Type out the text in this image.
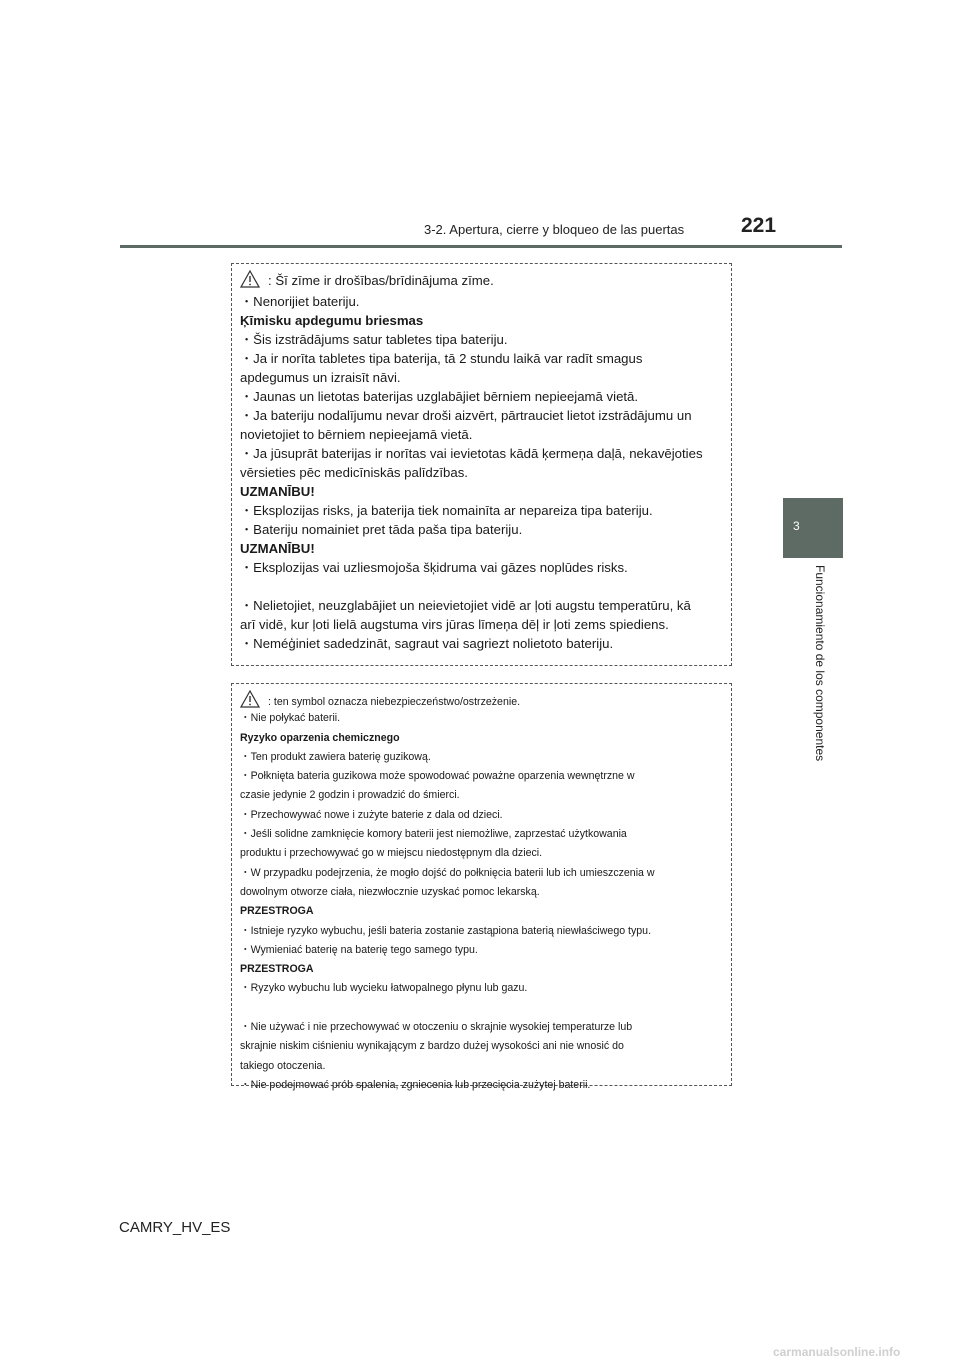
3-2. Apertura, cierre y bloqueo de las puertas	221
3
Funcionamiento de los componentes
: Šī zīme ir drošības/brīdinājuma zīme.
・Nenorijiet bateriju.
Ķīmisku apdegumu briesmas
・Šis izstrādājums satur tabletes tipa bateriju.
・Ja ir norīta tabletes tipa baterija, tā 2 stundu laikā var radīt smagus
apdegumus un izraisīt nāvi.
・Jaunas un lietotas baterijas uzglabājiet bērniem nepieejamā vietā.
・Ja bateriju nodalījumu nevar droši aizvērt, pārtrauciet lietot izstrādājumu un
novietojiet to bērniem nepieejamā vietā.
・Ja jūsuprāt baterijas ir norītas vai ievietotas kādā ķermeņa daļā, nekavējoties
vērsieties pēc medicīniskās palīdzības.
UZMANĪBU!
・Eksplozijas risks, ja baterija tiek nomainīta ar nepareiza tipa bateriju.
・Bateriju nomainiet pret tāda paša tipa bateriju.
UZMANĪBU!
・Eksplozijas vai uzliesmojoša šķidruma vai gāzes noplūdes risks.
・Nelietojiet, neuzglabājiet un neievietojiet vidē ar ļoti augstu temperatūru, kā
arī vidē, kur ļoti lielā augstuma virs jūras līmeņa dēļ ir ļoti zems spiediens.
・Neméģiniet sadedzināt, sagraut vai sagriezt nolietoto bateriju.
: ten symbol oznacza niebezpieczeństwo/ostrzeżenie.
・Nie połykać baterii.
Ryzyko oparzenia chemicznego
・Ten produkt zawiera baterię guzikową.
・Połknięta bateria guzikowa może spowodować poważne oparzenia wewnętrzne w
czasie jedynie 2 godzin i prowadzić do śmierci.
・Przechowywać nowe i zużyte baterie z dala od dzieci.
・Jeśli solidne zamknięcie komory baterii jest niemożliwe, zaprzestać użytkowania
produktu i przechowywać go w miejscu niedostępnym dla dzieci.
・W przypadku podejrzenia, że mogło dojść do połknięcia baterii lub ich umieszczenia w
dowolnym otworze ciała, niezwłocznie uzyskać pomoc lekarską.
PRZESTROGA
・Istnieje ryzyko wybuchu, jeśli bateria zostanie zastąpiona baterią niewłaściwego typu.
・Wymieniać baterię na baterię tego samego typu.
PRZESTROGA
・Ryzyko wybuchu lub wycieku łatwopalnego płynu lub gazu.
・Nie używać i nie przechowywać w otoczeniu o skrajnie wysokiej temperaturze lub
skrajnie niskim ciśnieniu wynikającym z bardzo dużej wysokości ani nie wnosić do
takiego otoczenia.
・Nie podejmować prób spalenia, zgniecenia lub przecięcia zużytej baterii.
CAMRY_HV_ES
carmanualsonline.info
